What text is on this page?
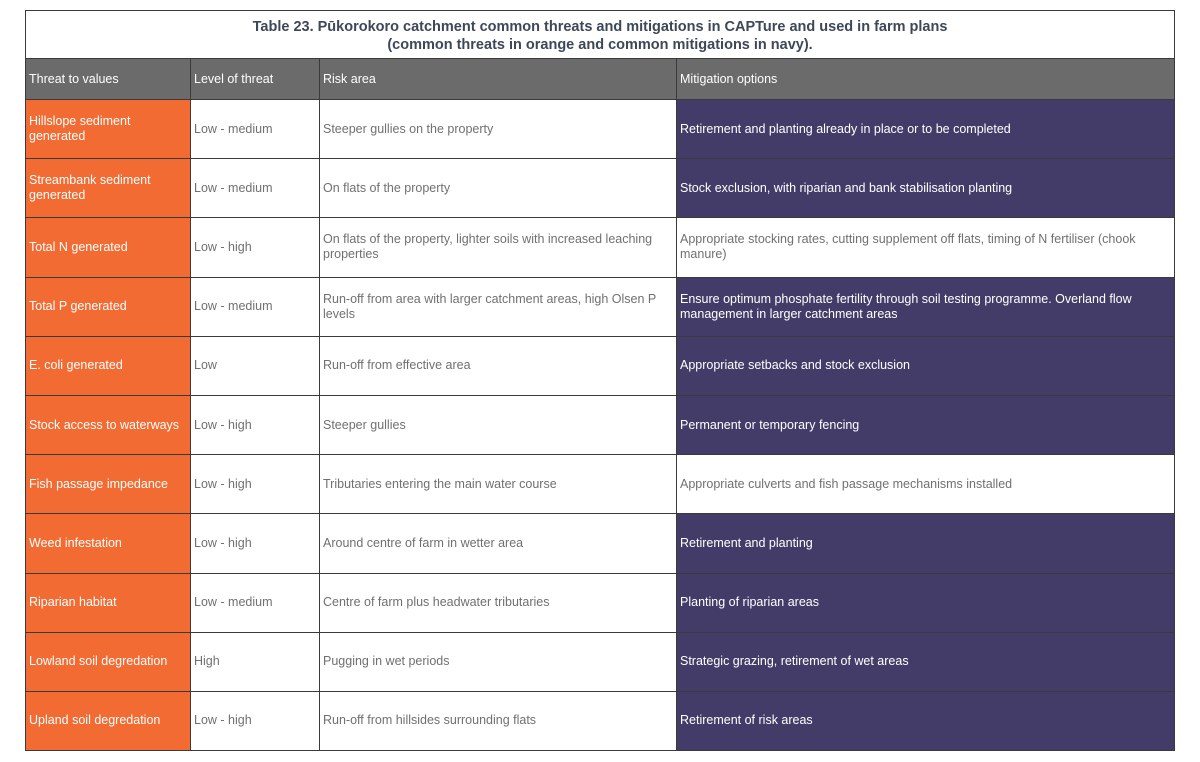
Table 23. Pūkorokoro catchment common threats and mitigations in CAPTure and used in farm plans
(common threats in orange and common mitigations in navy).			

Threat to values	Level of threat	Risk area	Mitigation options
Hillslope sediment generated	Low - medium	Steeper gullies on the property	Retirement and planting already in place or to be completed
Streambank sediment generated	Low - medium	On flats of the property	Stock exclusion, with riparian and bank stabilisation planting
Total N generated	Low - high	On flats of the property, lighter soils with increased leaching properties	Appropriate stocking rates, cutting supplement off flats, timing of N fertiliser (chook manure)
Total P generated	Low - medium	Run-off from area with larger catchment areas, high Olsen P levels	Ensure optimum phosphate fertility through soil testing programme. Overland flow management in larger catchment areas
E. coli generated	Low	Run-off from effective area	Appropriate setbacks and stock exclusion
Stock access to waterways	Low - high	Steeper gullies	Permanent or temporary fencing
Fish passage impedance	Low - high	Tributaries entering the main water course	Appropriate culverts and fish passage mechanisms installed
Weed infestation	Low - high	Around centre of farm in wetter area	Retirement and planting
Riparian habitat	Low - medium	Centre of farm plus headwater tributaries	Planting of riparian areas
Lowland soil degredation	High	Pugging in wet periods	Strategic grazing, retirement of wet areas
Upland soil degredation	Low - high	Run-off from hillsides surrounding flats	Retirement of risk areas
